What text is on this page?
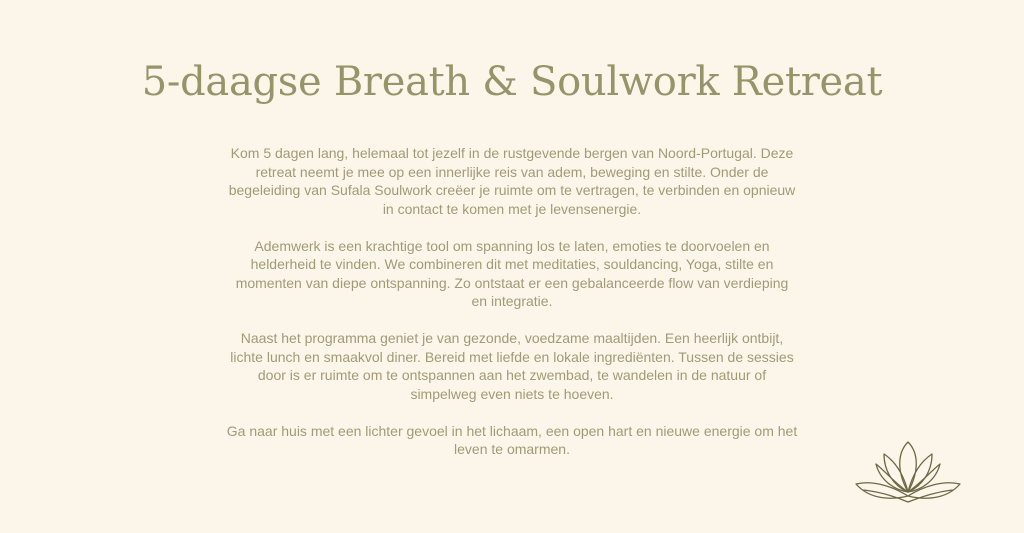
5-daagse Breath & Soulwork Retreat

Kom 5 dagen lang, helemaal tot jezelf in de rustgevende bergen van Noord-Portugal. Deze retreat neemt je mee op een innerlijke reis van adem, beweging en stilte. Onder de begeleiding van Sufala Soulwork creëer je ruimte om te vertragen, te verbinden en opnieuw in contact te komen met je levensenergie.

Ademwerk is een krachtige tool om spanning los te laten, emoties te doorvoelen en helderheid te vinden. We combineren dit met meditaties, souldancing, Yoga, stilte en momenten van diepe ontspanning. Zo ontstaat er een gebalanceerde flow van verdieping en integratie.

Naast het programma geniet je van gezonde, voedzame maaltijden. Een heerlijk ontbijt, lichte lunch en smaakvol diner. Bereid met liefde en lokale ingrediënten. Tussen de sessies door is er ruimte om te ontspannen aan het zwembad, te wandelen in de natuur of simpelweg even niets te hoeven.

Ga naar huis met een lichter gevoel in het lichaam, een open hart en nieuwe energie om het leven te omarmen.
